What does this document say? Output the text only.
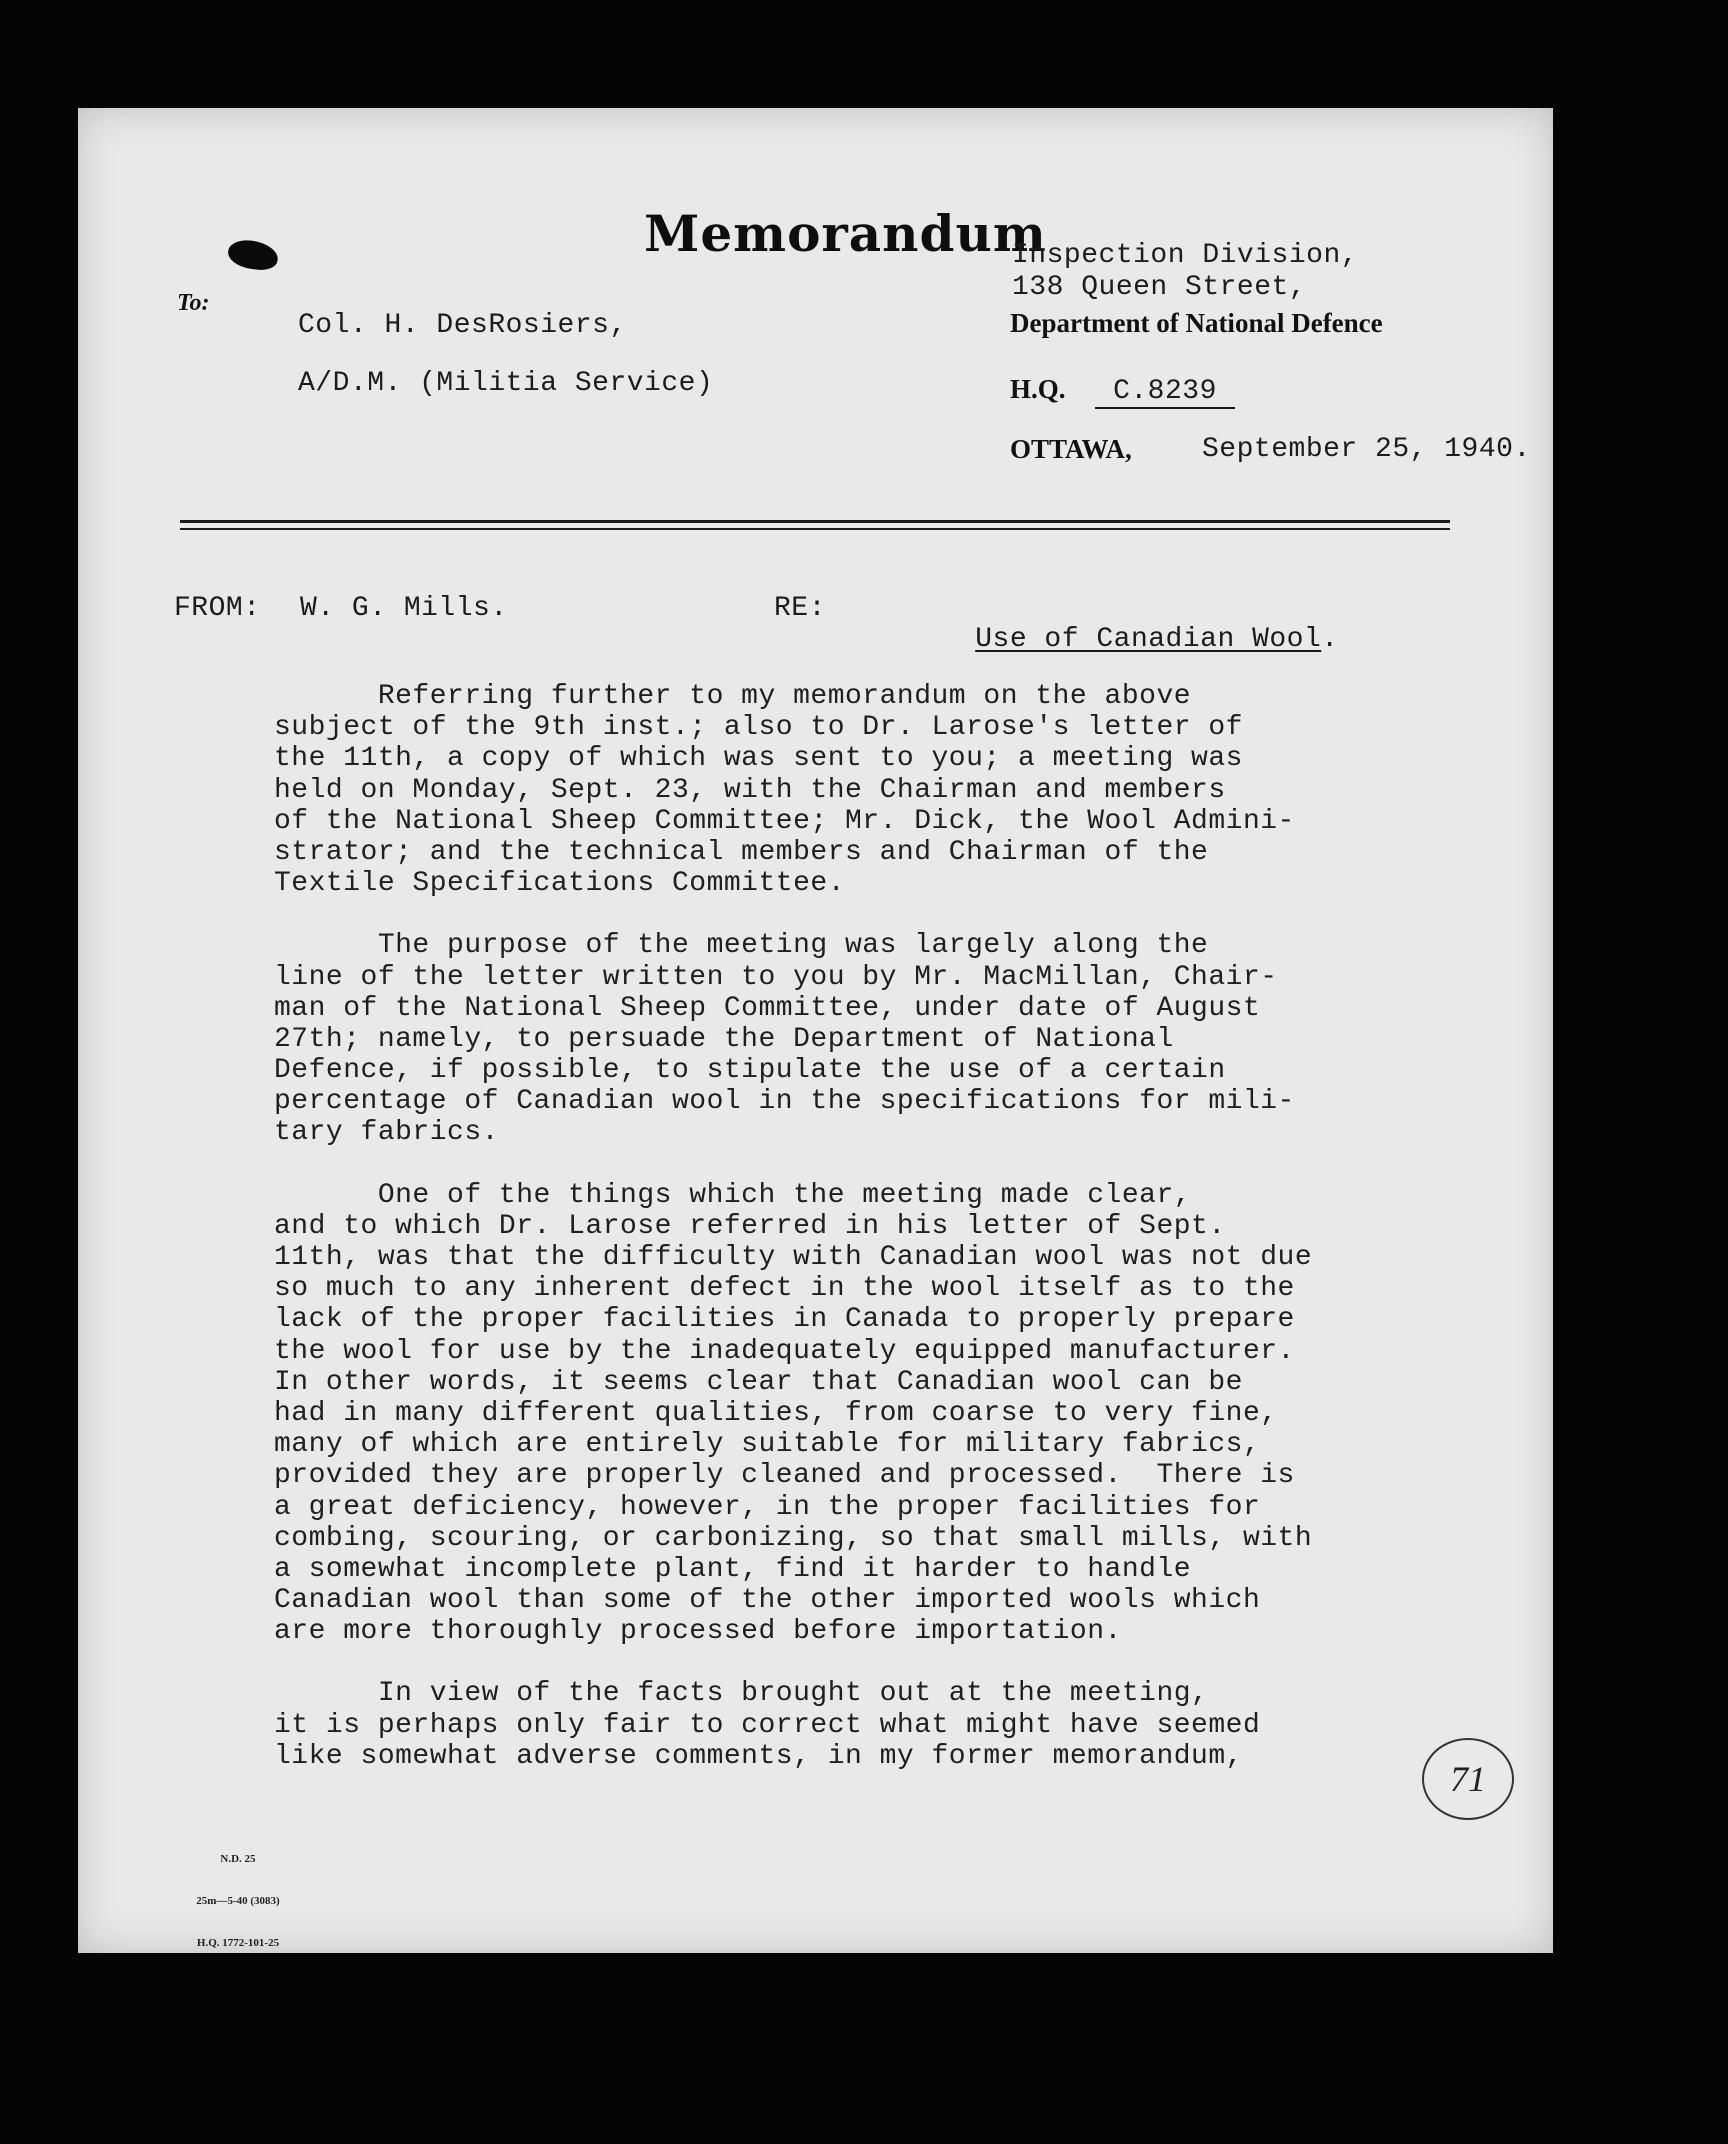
Memorandum
To:
Col. H. DesRosiers,
A/D.M. (Militia Service)
Inspection Division,
138 Queen Street,
Department of National Defence
H.Q.	C.8239
OTTAWA,	September 25, 1940.
FROM: W. G. Mills.	RE:

Use of Canadian Wool.

Referring further to my memorandum on the above
subject of the 9th inst.; also to Dr. Larose's letter of
the 11th, a copy of which was sent to you; a meeting was
held on Monday, Sept. 23, with the Chairman and members
of the National Sheep Committee; Mr. Dick, the Wool Admini-
strator; and the technical members and Chairman of the
Textile Specifications Committee.
The purpose of the meeting was largely along the
line of the letter written to you by Mr. MacMillan, Chair-
man of the National Sheep Committee, under date of August
27th; namely, to persuade the Department of National
Defence, if possible, to stipulate the use of a certain
percentage of Canadian wool in the specifications for mili-
tary fabrics.
One of the things which the meeting made clear,
and to which Dr. Larose referred in his letter of Sept.
11th, was that the difficulty with Canadian wool was not due
so much to any inherent defect in the wool itself as to the
lack of the proper facilities in Canada to properly prepare
the wool for use by the inadequately equipped manufacturer.
In other words, it seems clear that Canadian wool can be
had in many different qualities, from coarse to very fine,
many of which are entirely suitable for military fabrics,
provided they are properly cleaned and processed.  There is
a great deficiency, however, in the proper facilities for
combing, scouring, or carbonizing, so that small mills, with
a somewhat incomplete plant, find it harder to handle
Canadian wool than some of the other imported wools which
are more thoroughly processed before importation.
In view of the facts brought out at the meeting,
it is perhaps only fair to correct what might have seemed
like somewhat adverse comments, in my former memorandum,

N.D. 25

25m—5-40 (3083)

H.Q. 1772-101-25

71
